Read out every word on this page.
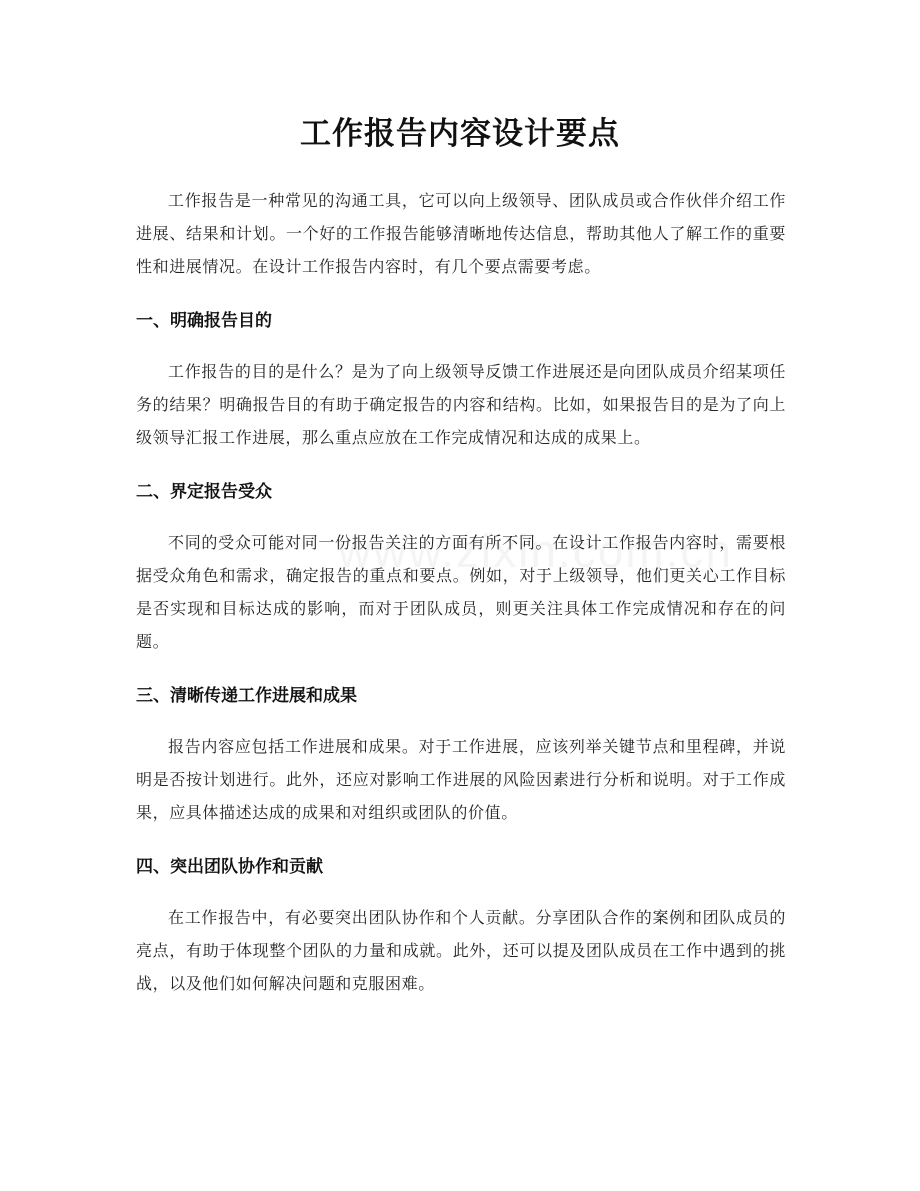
工作报告内容设计要点

工作报告是一种常见的沟通工具，它可以向上级领导、团队成员或合作伙伴介绍工作进展、结果和计划。一个好的工作报告能够清晰地传达信息，帮助其他人了解工作的重要性和进展情况。在设计工作报告内容时，有几个要点需要考虑。

一、明确报告目的

工作报告的目的是什么？是为了向上级领导反馈工作进展还是向团队成员介绍某项任务的结果？明确报告目的有助于确定报告的内容和结构。比如，如果报告目的是为了向上级领导汇报工作进展，那么重点应放在工作完成情况和达成的成果上。

二、界定报告受众

不同的受众可能对同一份报告关注的方面有所不同。在设计工作报告内容时，需要根据受众角色和需求，确定报告的重点和要点。例如，对于上级领导，他们更关心工作目标是否实现和目标达成的影响，而对于团队成员，则更关注具体工作完成情况和存在的问题。

三、清晰传递工作进展和成果

报告内容应包括工作进展和成果。对于工作进展，应该列举关键节点和里程碑，并说明是否按计划进行。此外，还应对影响工作进展的风险因素进行分析和说明。对于工作成果，应具体描述达成的成果和对组织或团队的价值。

四、突出团队协作和贡献

在工作报告中，有必要突出团队协作和个人贡献。分享团队合作的案例和团队成员的亮点，有助于体现整个团队的力量和成就。此外，还可以提及团队成员在工作中遇到的挑战，以及他们如何解决问题和克服困难。
